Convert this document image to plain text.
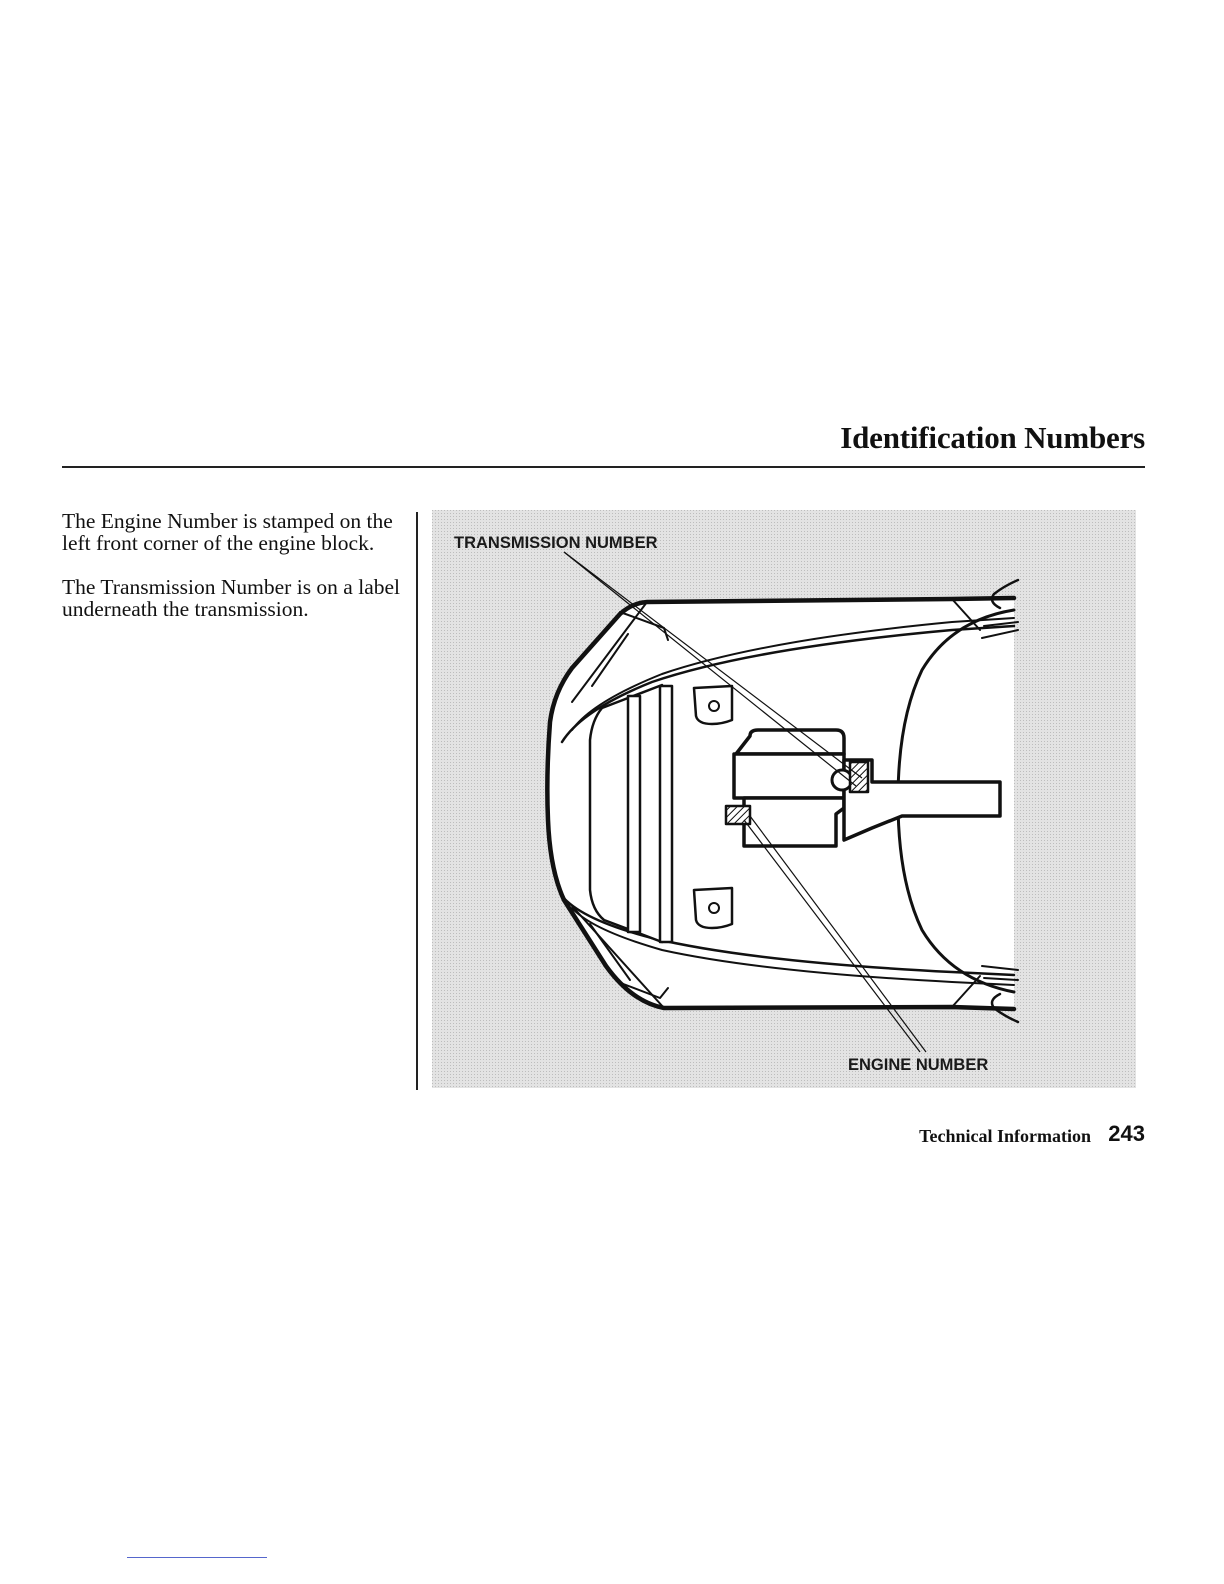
Identification Numbers

The Engine Number is stamped on the left front corner of the engine block.

The Transmission Number is on a label underneath the transmission.

TRANSMISSION NUMBER
ENGINE NUMBER
Technical Information 243
